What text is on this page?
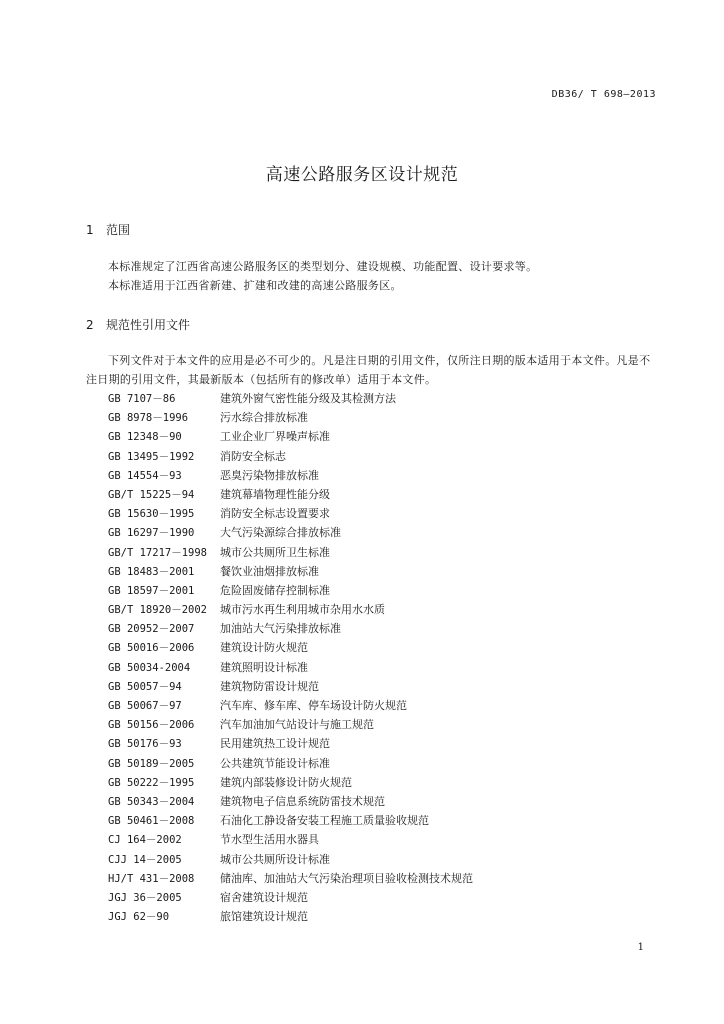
DB36/ T 698—2013
高速公路服务区设计规范
1 范围
本标准规定了江西省高速公路服务区的类型划分、建设规模、功能配置、设计要求等。
本标准适用于江西省新建、扩建和改建的高速公路服务区。
2 规范性引用文件
下列文件对于本文件的应用是必不可少的。凡是注日期的引用文件，仅所注日期的版本适用于本文件。凡是不注日期的引用文件，其最新版本（包括所有的修改单）适用于本文件。
GB 7107－86	建筑外窗气密性能分级及其检测方法
GB 8978－1996	污水综合排放标准
GB 12348－90	工业企业厂界噪声标准
GB 13495－1992 消防安全标志
GB 14554－93	恶臭污染物排放标准
GB/T 15225－94 建筑幕墙物理性能分级
GB 15630－1995 消防安全标志设置要求
GB 16297－1990 大气污染源综合排放标准
GB/T 17217－1998 城市公共厕所卫生标准
GB 18483－2001 餐饮业油烟排放标准
GB 18597－2001 危险固废储存控制标准
GB/T 18920－2002 城市污水再生利用城市杂用水水质
GB 20952－2007 加油站大气污染排放标准
GB 50016－2006 建筑设计防火规范
GB 50034-2004	建筑照明设计标准
GB 50057－94	建筑物防雷设计规范
GB 50067－97	汽车库、修车库、停车场设计防火规范
GB 50156－2006 汽车加油加气站设计与施工规范
GB 50176－93	民用建筑热工设计规范
GB 50189－2005 公共建筑节能设计标准
GB 50222－1995 建筑内部装修设计防火规范
GB 50343－2004 建筑物电子信息系统防雷技术规范
GB 50461－2008 石油化工静设备安装工程施工质量验收规范
CJ 164－2002	节水型生活用水器具
CJJ 14－2005	城市公共厕所设计标准
HJ/T 431－2008 储油库、加油站大气污染治理项目验收检测技术规范
JGJ 36－2005	宿舍建筑设计规范
JGJ 62－90	旅馆建筑设计规范
1
